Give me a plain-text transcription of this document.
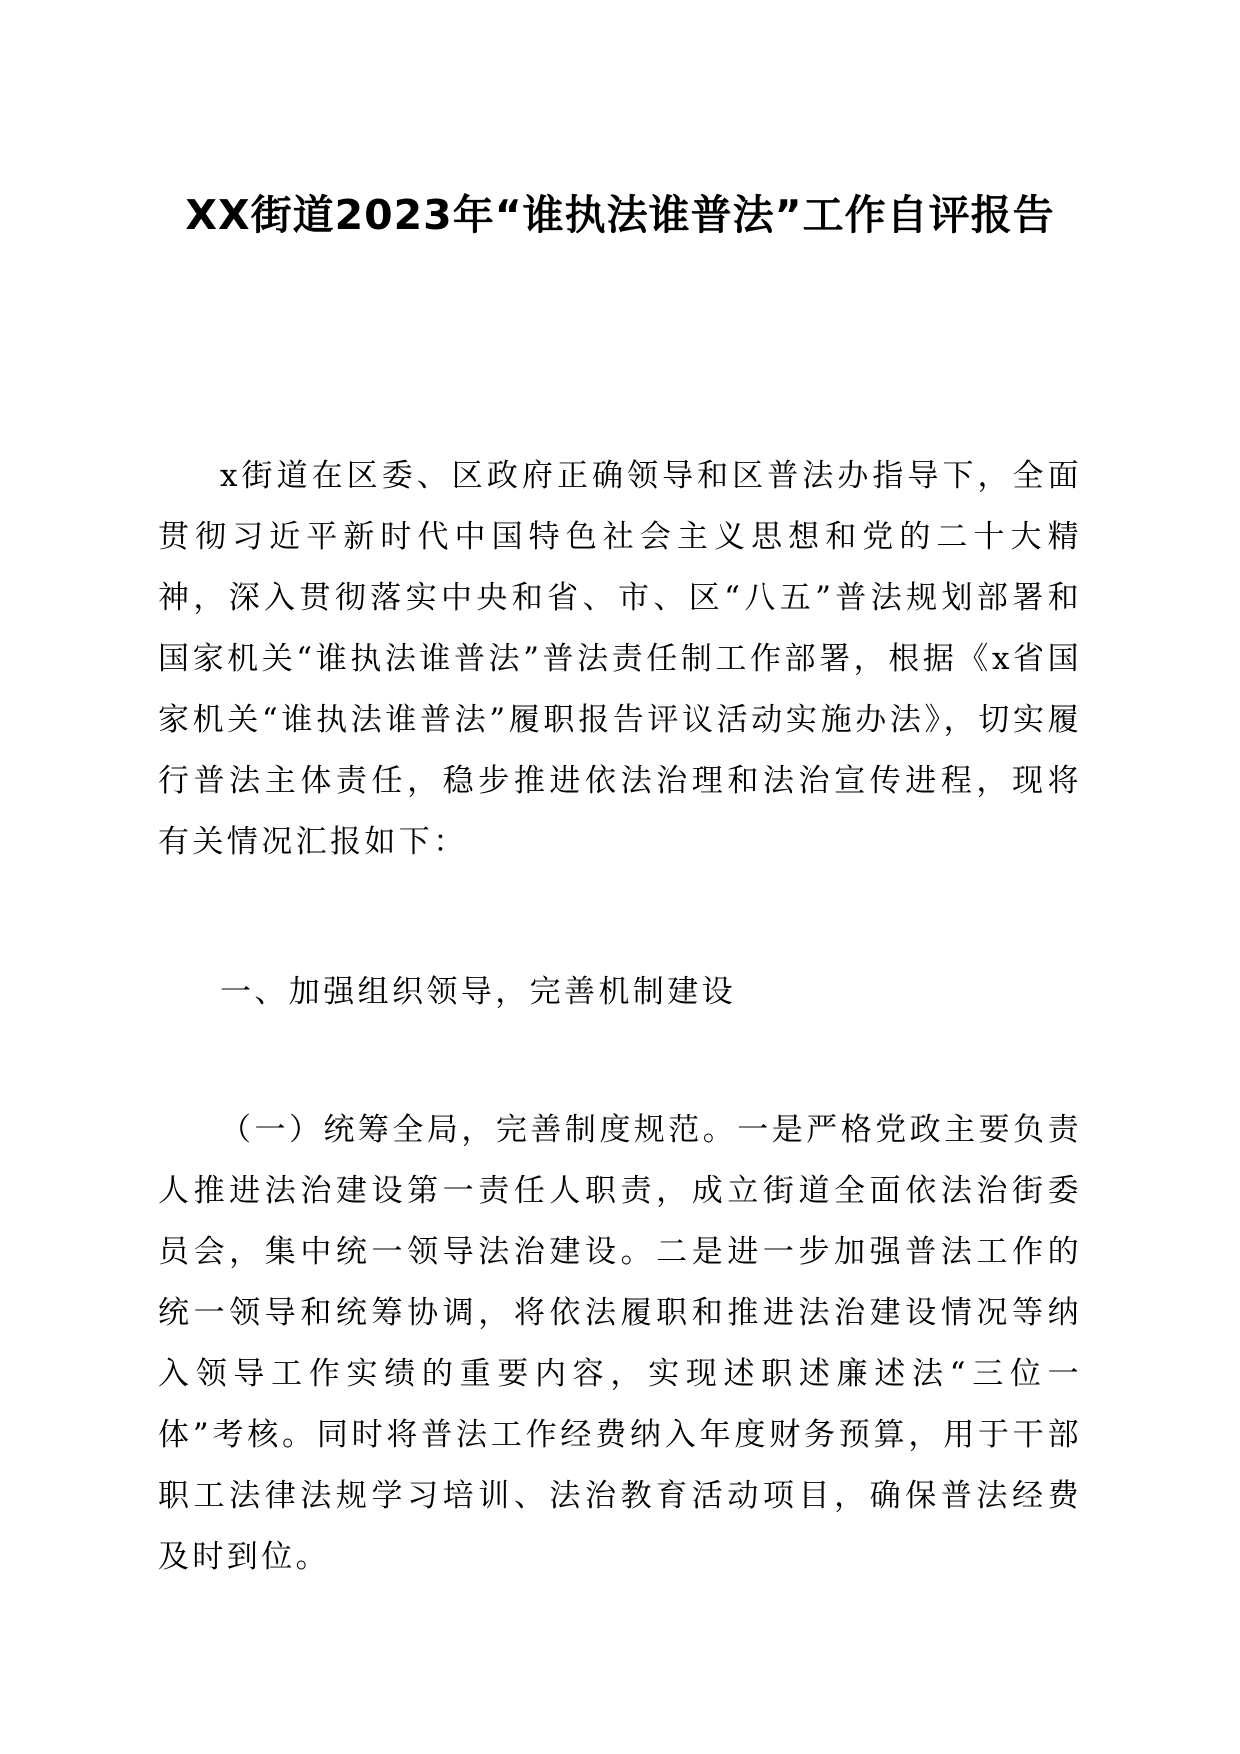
XX街道2023年“谁执法谁普法”工作自评报告

x街道在区委、区政府正确领导和区普法办指导下，全面贯彻习近平新时代中国特色社会主义思想和党的二十大精神，深入贯彻落实中央和省、市、区“八五”普法规划部署和国家机关“谁执法谁普法”普法责任制工作部署，根据《x省国家机关“谁执法谁普法”履职报告评议活动实施办法》，切实履行普法主体责任，稳步推进依法治理和法治宣传进程，现将有关情况汇报如下：

一、加强组织领导，完善机制建设

（一）统筹全局，完善制度规范。一是严格党政主要负责人推进法治建设第一责任人职责，成立街道全面依法治街委员会，集中统一领导法治建设。二是进一步加强普法工作的统一领导和统筹协调，将依法履职和推进法治建设情况等纳入领导工作实绩的重要内容，实现述职述廉述法“三位一体”考核。同时将普法工作经费纳入年度财务预算，用于干部职工法律法规学习培训、法治教育活动项目，确保普法经费及时到位。
